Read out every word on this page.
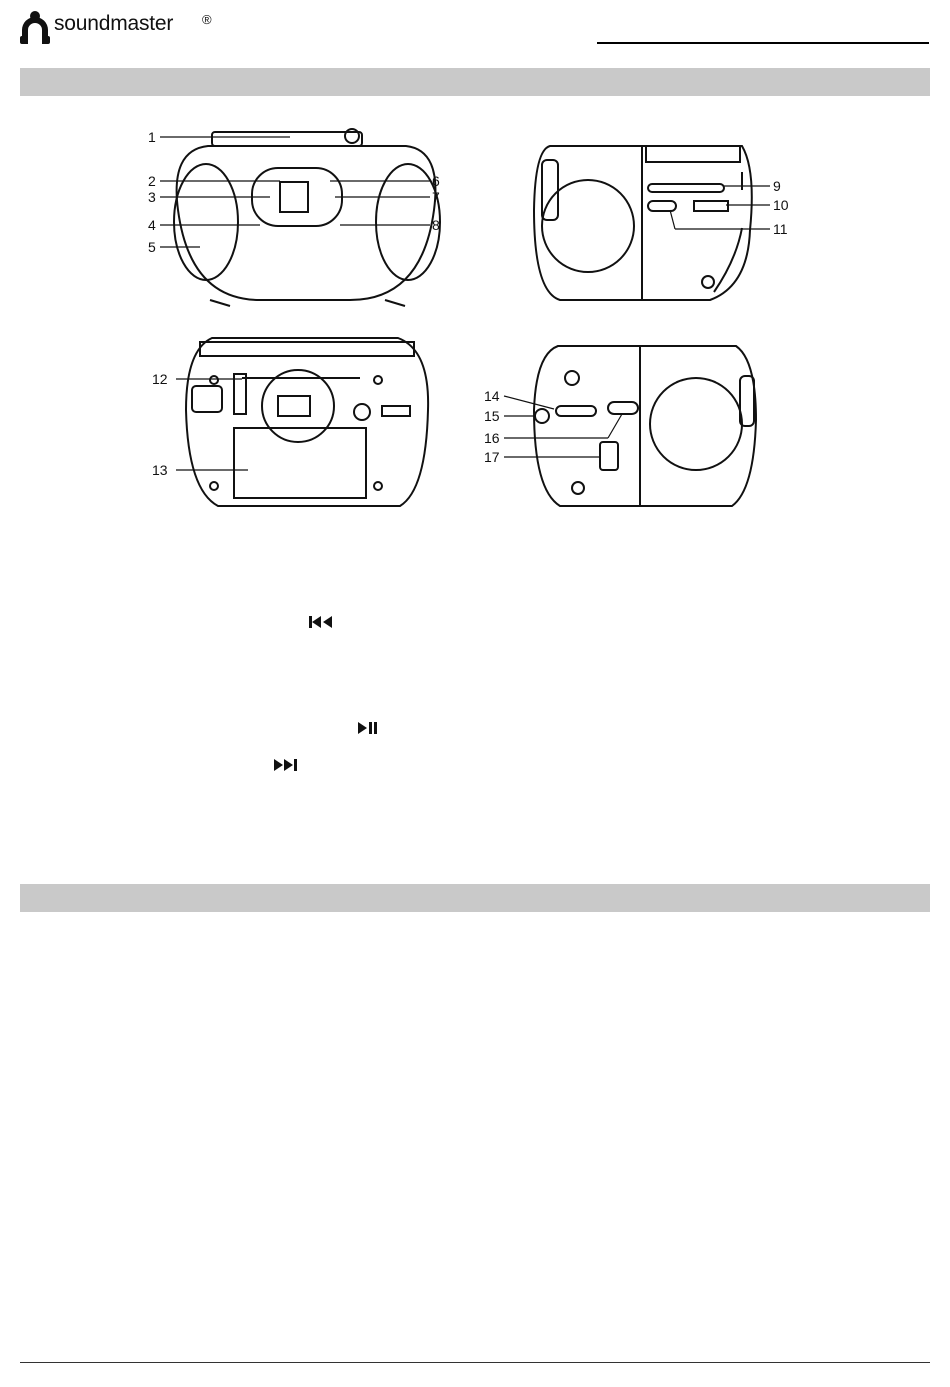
soundmaster ®
1
2
3
4
5
6
7
8
9
10
11
12
13
14
15
16
17
